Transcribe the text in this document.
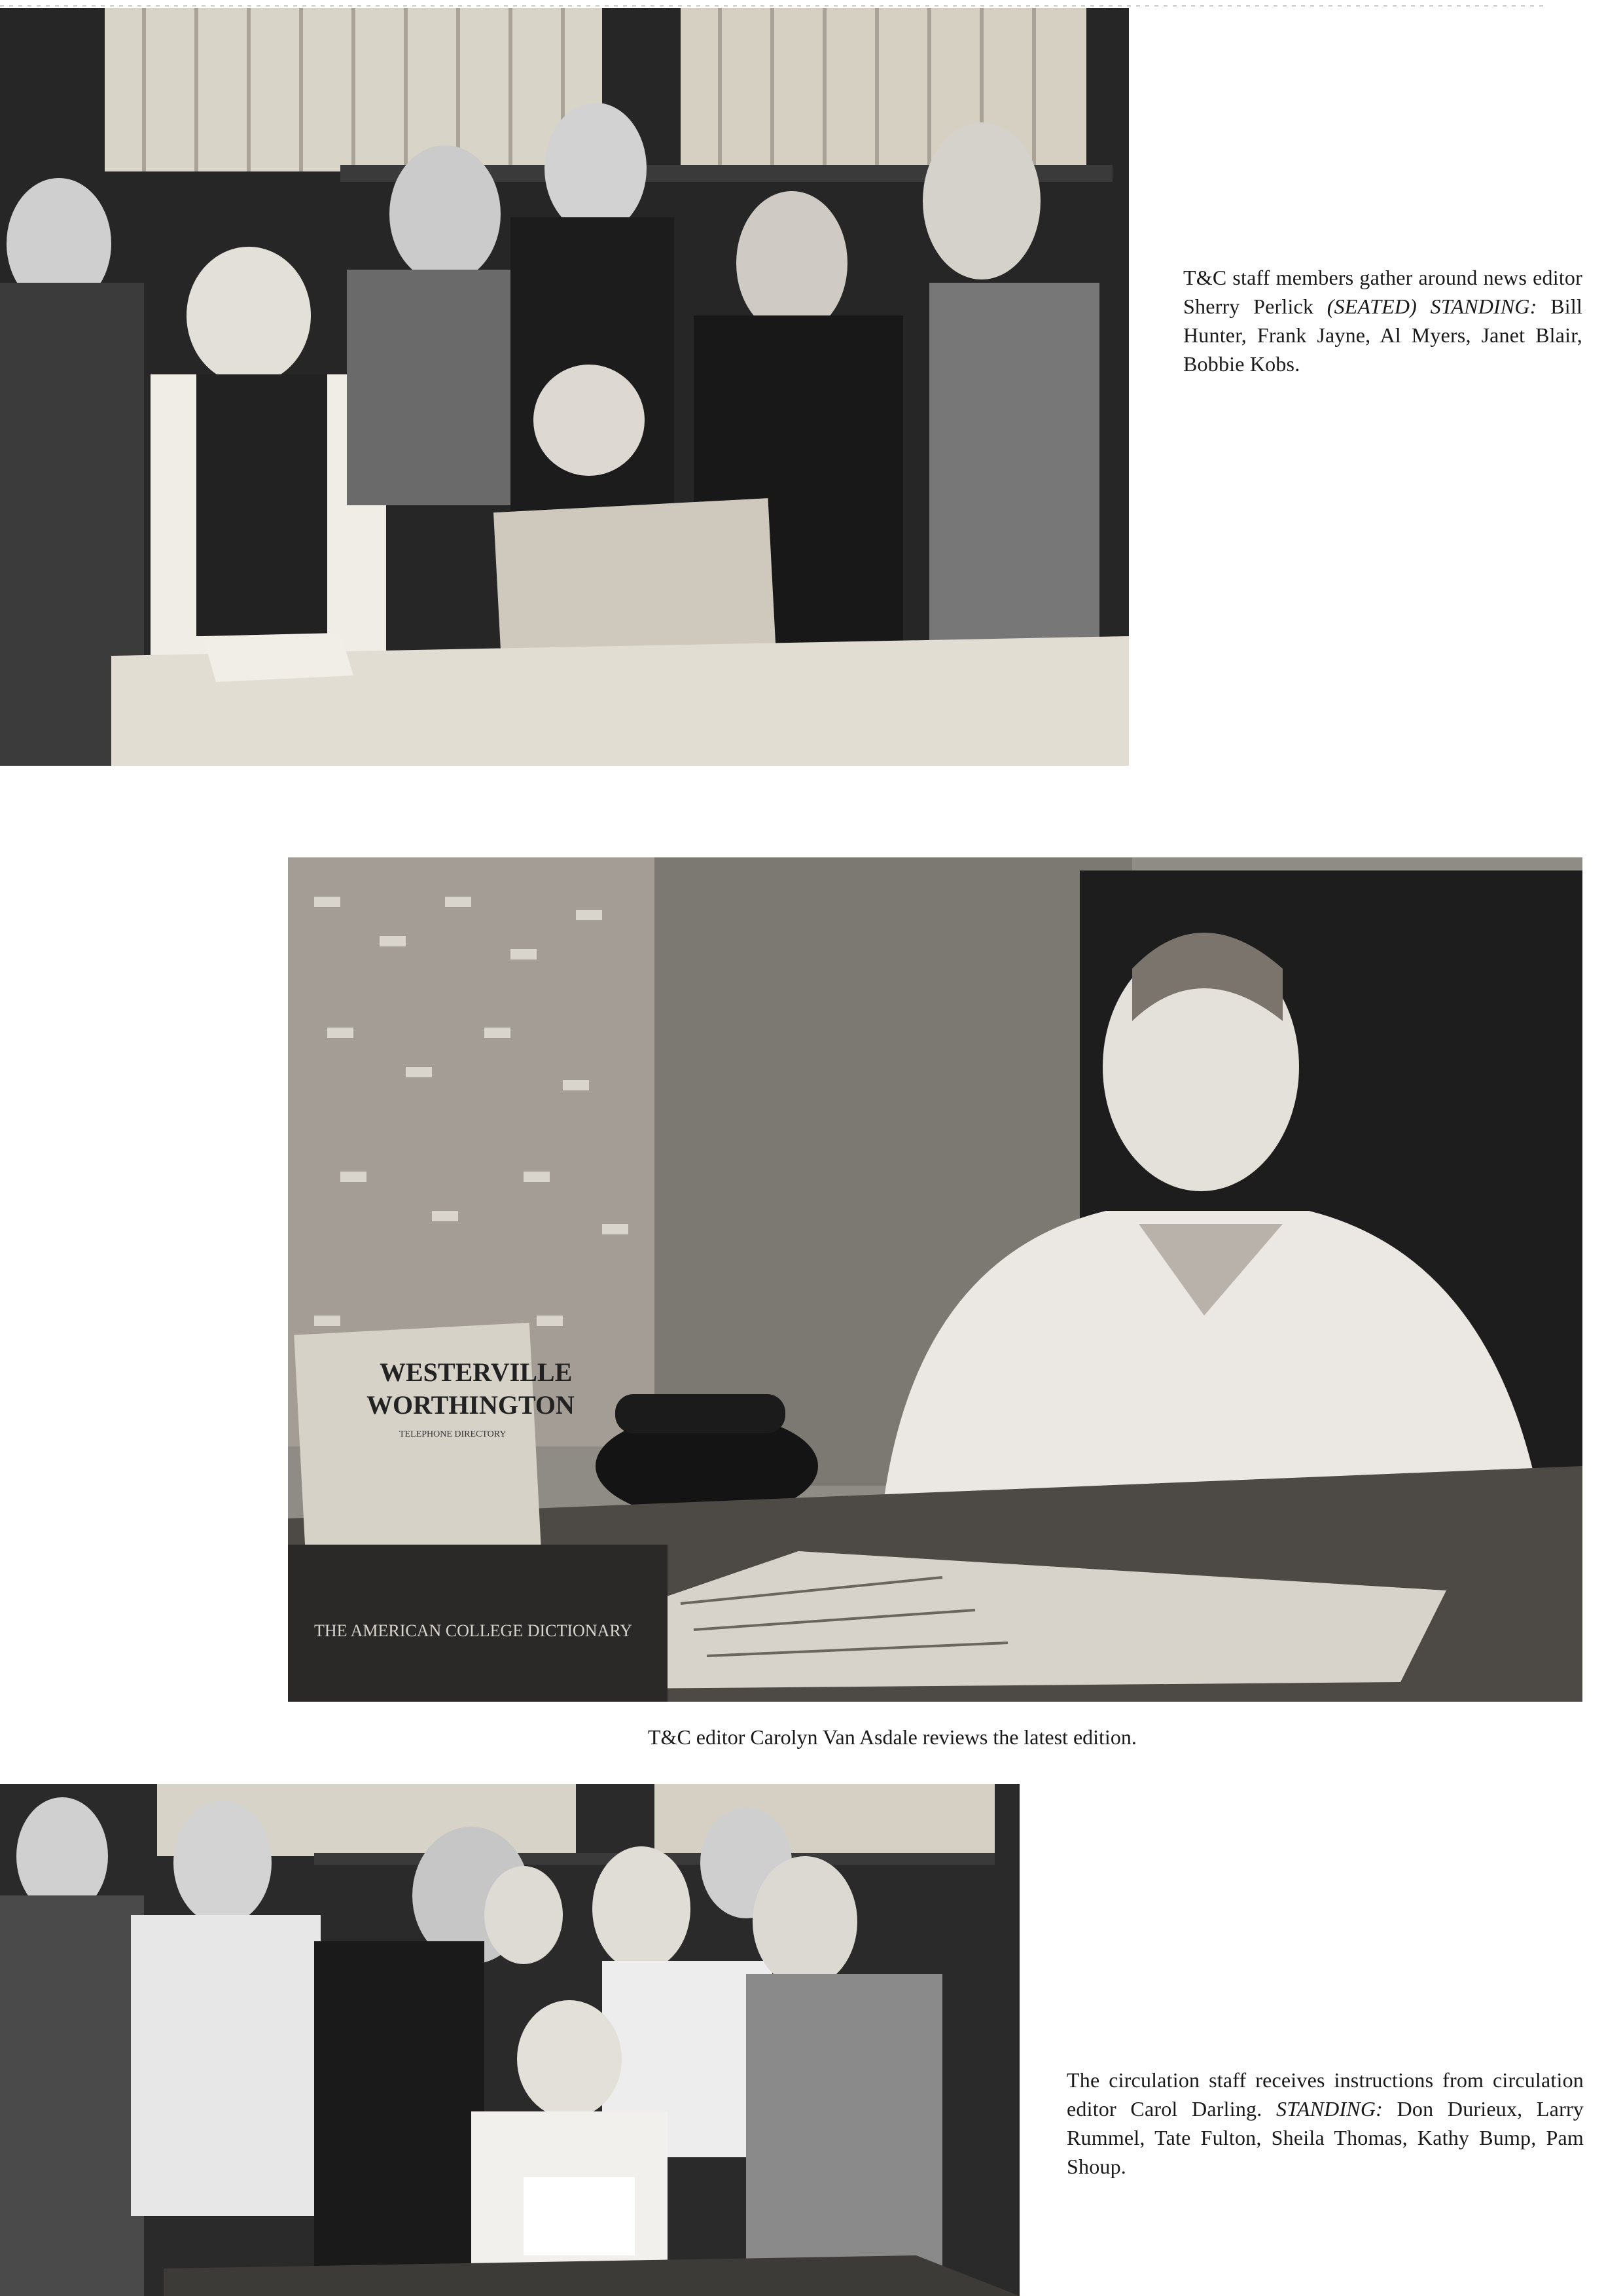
T&C staff members gather around news editor Sherry Perlick (SEATED) STANDING: Bill Hunter, Frank Jayne, Al Myers, Janet Blair, Bobbie Kobs.
WESTERVILLE
WORTHINGTON
TELEPHONE DIRECTORY
THE AMERICAN COLLEGE DICTIONARY
T&C editor Carolyn Van Asdale reviews the latest edition.
The circulation staff receives instructions from circulation editor Carol Darling. STANDING: Don Durieux, Larry Rummel, Tate Fulton, Sheila Thomas, Kathy Bump, Pam Shoup.
